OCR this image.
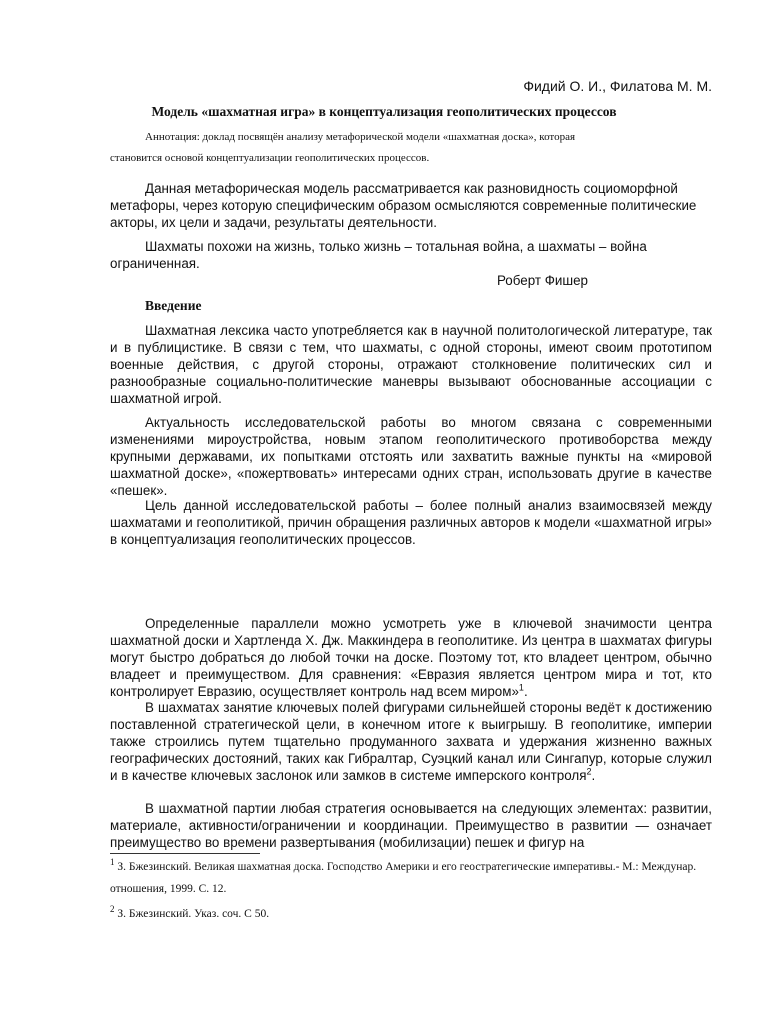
Фидий О. И., Филатова М. М.
Модель «шахматная игра» в концептуализация геополитических процессов
Аннотация: доклад посвящён анализу метафорической модели «шахматная доска», которая
становится основой концептуализации геополитических процессов.

Данная метафорическая модель рассматривается как разновидность социоморфной метафоры, через которую специфическим образом осмысляются современные политические акторы, их цели и задачи, результаты деятельности.

Шахматы похожи на жизнь, только жизнь – тотальная война, а шахматы – война ограниченная.

Роберт Фишер
Введение

Шахматная лексика часто употребляется как в научной политологической литературе, так и в публицистике. В связи с тем, что шахматы, с одной стороны, имеют своим прототипом военные действия, с другой стороны, отражают столкновение политических сил и разнообразные социально-политические маневры вызывают обоснованные ассоциации с шахматной игрой.

Актуальность исследовательской работы во многом связана с современными изменениями мироустройства, новым этапом геополитического противоборства между крупными державами, их попытками отстоять или захватить важные пункты на «мировой шахматной доске», «пожертвовать» интересами одних стран, использовать другие в качестве «пешек».

Цель данной исследовательской работы – более полный анализ взаимосвязей между шахматами и геополитикой, причин обращения различных авторов к модели «шахматной игры» в концептуализация геополитических процессов.

Определенные параллели можно усмотреть уже в ключевой значимости центра шахматной доски и Хартленда Х. Дж. Маккиндера в геополитике. Из центра в шахматах фигуры могут быстро добраться до любой точки на доске. Поэтому тот, кто владеет центром, обычно владеет и преимуществом. Для сравнения: «Евразия является центром мира и тот, кто контролирует Евразию, осуществляет контроль над всем миром»$^1$.

В шахматах занятие ключевых полей фигурами сильнейшей стороны ведёт к достижению поставленной стратегической цели, в конечном итоге к выигрышу. В геополитике, империи также строились путем тщательно продуманного захвата и удержания жизненно важных географических достояний, таких как Гибралтар, Суэцкий канал или Сингапур, которые служил и в качестве ключевых заслонок или замков в системе имперского контроля$^2$.

В шахматной партии любая стратегия основывается на следующих элементах: развитии, материале, активности/ограничении и координации. Преимущество в развитии — означает преимущество во времени развертывания (мобилизации) пешек и фигур на

$^1$ З. Бжезинский. Великая шахматная доска. Господство Америки и его геостратегические императивы.- М.: Междунар. отношения, 1999. С. 12.

$^2$ З. Бжезинский. Указ. соч. С 50.
